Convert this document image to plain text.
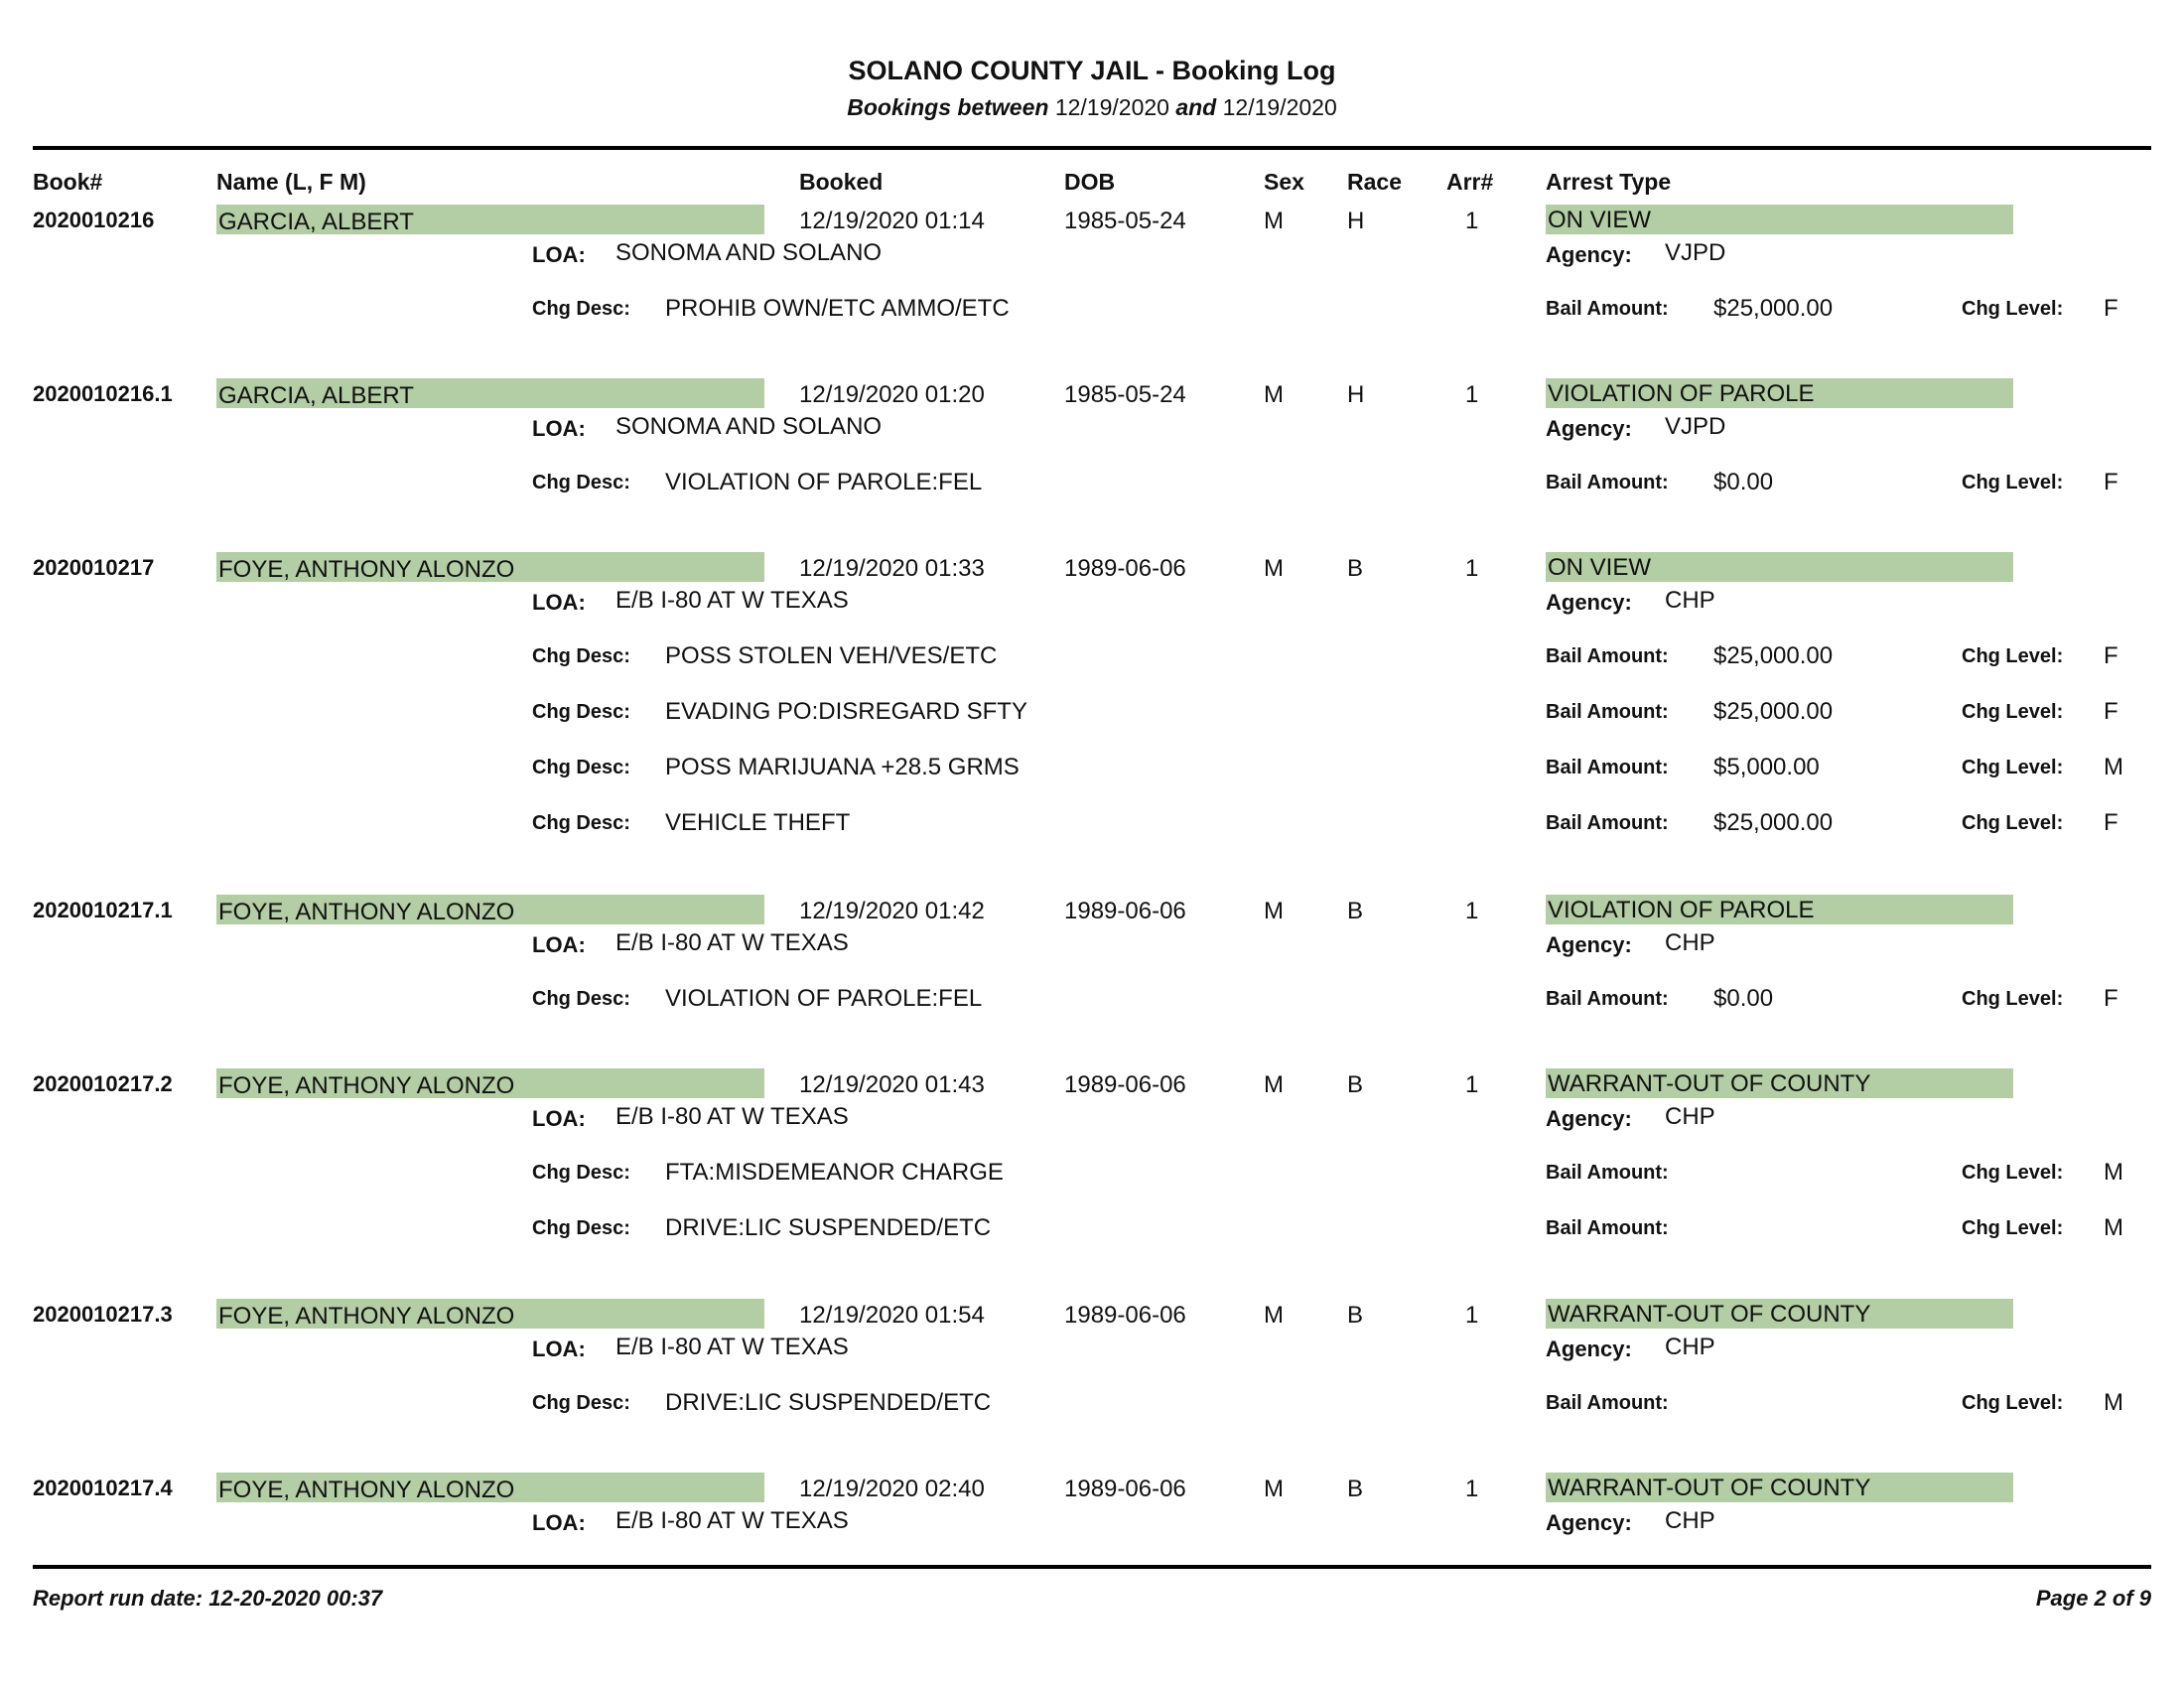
SOLANO COUNTY JAIL - Booking Log
Bookings between 12/19/2020 and 12/19/2020
Book#	Name (L, F M)	Booked	DOB	Sex Race Arr# Arrest Type
2020010216	GARCIA, ALBERT	12/19/2020 01:14	1985-05-24	M	H	1	ON VIEW
LOA: SONOMA AND SOLANO	Agency: VJPD
Chg Desc: PROHIB OWN/ETC AMMO/ETC	Bail Amount: $25,000.00	Chg Level: F
2020010216.1 GARCIA, ALBERT	12/19/2020 01:20	1985-05-24	M	H	1	VIOLATION OF PAROLE
LOA: SONOMA AND SOLANO	Agency: VJPD
Chg Desc: VIOLATION OF PAROLE:FEL	Bail Amount: $0.00	Chg Level: F
2020010217	FOYE, ANTHONY ALONZO	12/19/2020 01:33	1989-06-06	M	B	1	ON VIEW
LOA: E/B I-80 AT W TEXAS	Agency: CHP
Chg Desc: POSS STOLEN VEH/VES/ETC	Bail Amount: $25,000.00	Chg Level: F
Chg Desc: EVADING PO:DISREGARD SFTY	Bail Amount: $25,000.00	Chg Level: F
Chg Desc: POSS MARIJUANA +28.5 GRMS	Bail Amount: $5,000.00	Chg Level: M
Chg Desc: VEHICLE THEFT	Bail Amount: $25,000.00	Chg Level: F
2020010217.1 FOYE, ANTHONY ALONZO	12/19/2020 01:42	1989-06-06	M	B	1	VIOLATION OF PAROLE
LOA: E/B I-80 AT W TEXAS	Agency: CHP
Chg Desc: VIOLATION OF PAROLE:FEL	Bail Amount: $0.00	Chg Level: F
2020010217.2 FOYE, ANTHONY ALONZO	12/19/2020 01:43	1989-06-06	M	B	1	WARRANT-OUT OF COUNTY
LOA: E/B I-80 AT W TEXAS	Agency: CHP
Chg Desc: FTA:MISDEMEANOR CHARGE	Bail Amount:	Chg Level: M
Chg Desc: DRIVE:LIC SUSPENDED/ETC	Bail Amount:	Chg Level: M
2020010217.3 FOYE, ANTHONY ALONZO	12/19/2020 01:54	1989-06-06	M	B	1	WARRANT-OUT OF COUNTY
LOA: E/B I-80 AT W TEXAS	Agency: CHP
Chg Desc: DRIVE:LIC SUSPENDED/ETC	Bail Amount:	Chg Level: M
2020010217.4 FOYE, ANTHONY ALONZO	12/19/2020 02:40	1989-06-06	M	B	1	WARRANT-OUT OF COUNTY
LOA: E/B I-80 AT W TEXAS	Agency: CHP
Report run date: 12-20-2020 00:37	Page 2 of 9
